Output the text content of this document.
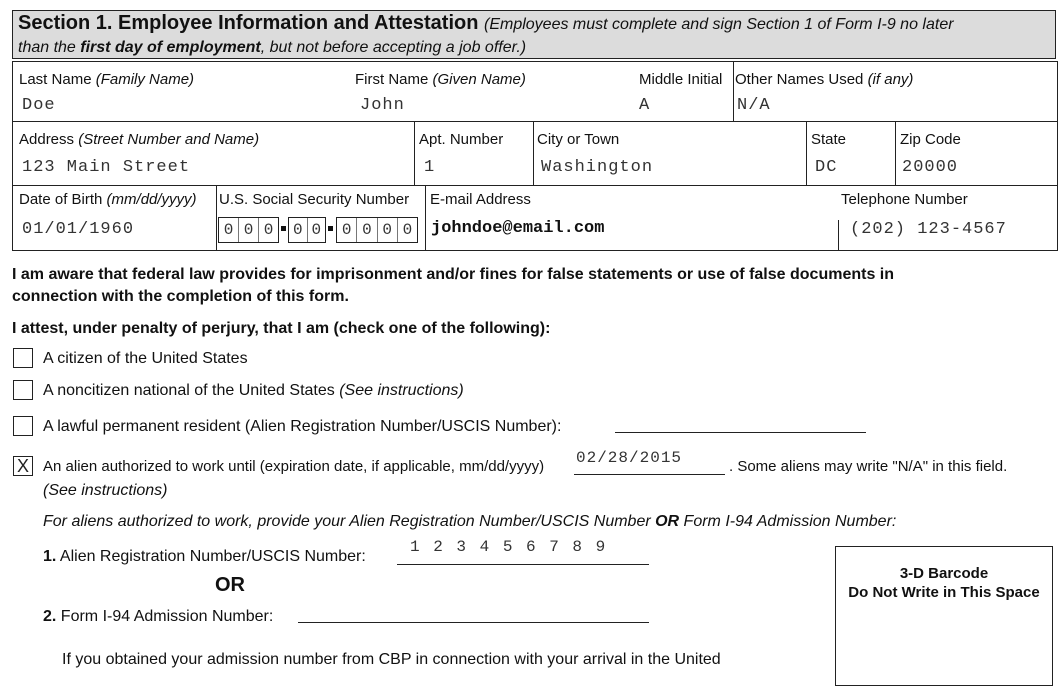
Section 1. Employee Information and Attestation (Employees must complete and sign Section 1 of Form I-9 no later
than the first day of employment, but not before accepting a job offer.)
Last Name (Family Name)
Doe
First Name (Given Name)
John
Middle Initial
A
Other Names Used (if any)
N/A
Address (Street Number and Name)
123 Main Street
Apt. Number
1
City or Town
Washington
State
DC
Zip Code
20000
Date of Birth (mm/dd/yyyy)
01/01/1960
U.S. Social Security Number
0 0 0 0 0	0 0 0 0
E-mail Address
johndoe@email.com
Telephone Number
(202) 123-4567
I am aware that federal law provides for imprisonment and/or fines for false statements or use of false documents in
connection with the completion of this form.
I attest, under penalty of perjury, that I am (check one of the following):
A citizen of the United States
A noncitizen national of the United States (See instructions)
A lawful permanent resident (Alien Registration Number/USCIS Number):
X An alien authorized to work until (expiration date, if applicable, mm/dd/yyyy) 02/28/2015	. Some aliens may write "N/A" in this field.
(See instructions)
For aliens authorized to work, provide your Alien Registration Number/USCIS Number OR Form I-94 Admission Number:
1. Alien Registration Number/USCIS Number:
1 2 3 4 5 6 7 8 9
OR
2. Form I-94 Admission Number:
If you obtained your admission number from CBP in connection with your arrival in the United
3-D Barcode
Do Not Write in This Space
